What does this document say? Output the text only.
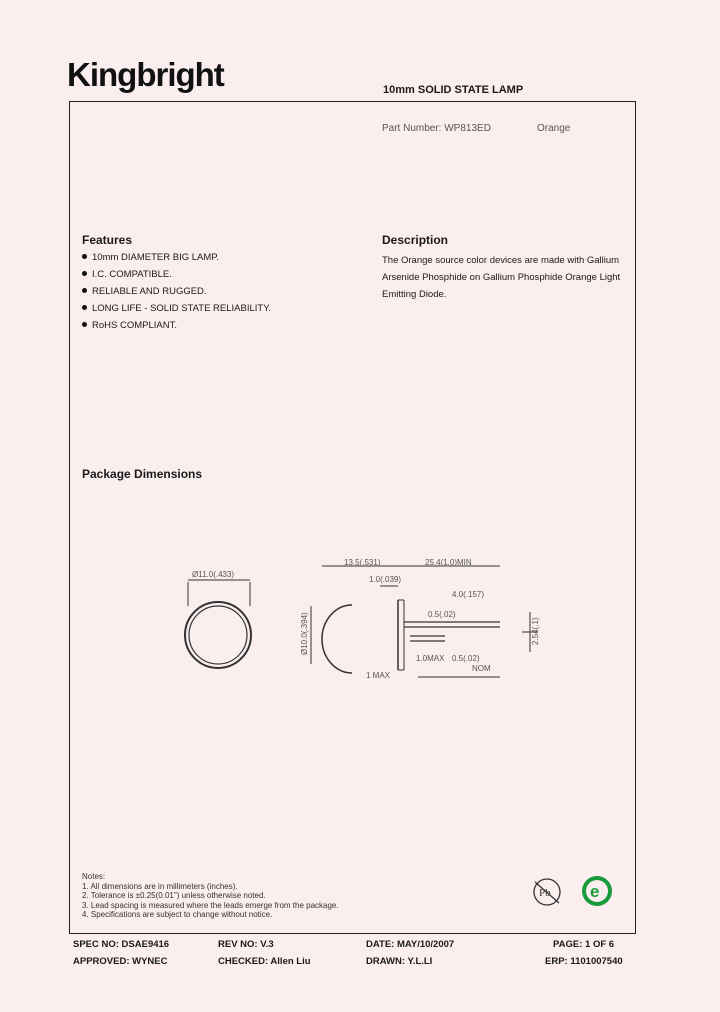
Kingbright	10mm SOLID STATE LAMP
Part Number: WP813ED	Orange
Features
10mm DIAMETER BIG LAMP.
I.C. COMPATIBLE.
RELIABLE AND RUGGED.
LONG LIFE - SOLID STATE RELIABILITY.
RoHS COMPLIANT.
Description
The Orange source color devices are made with Gallium Arsenide Phosphide on Gallium Phosphide Orange Light Emitting Diode.
Package Dimensions
Ø11.0(.433)
Ø10.0(.394)
13.5(.531)	25.4(1.0)MIN
1.0(.039)
4.0(.157)
0.5(.02)
1.0MAX 0.5(.02)
NOM
2.54(.1)
1 MAX
Notes:
1. All dimensions are in millimeters (inches).
2. Tolerance is ±0.25(0.01") unless otherwise noted.
3. Lead spacing is measured where the leads emerge from the package.
4. Specifications are subject to change without notice.
Pb e
SPEC NO: DSAE9416	REV NO: V.3	DATE: MAY/10/2007	PAGE: 1 OF 6
APPROVED: WYNEC	CHECKED: Allen Liu	DRAWN: Y.L.LI	ERP: 1101007540
